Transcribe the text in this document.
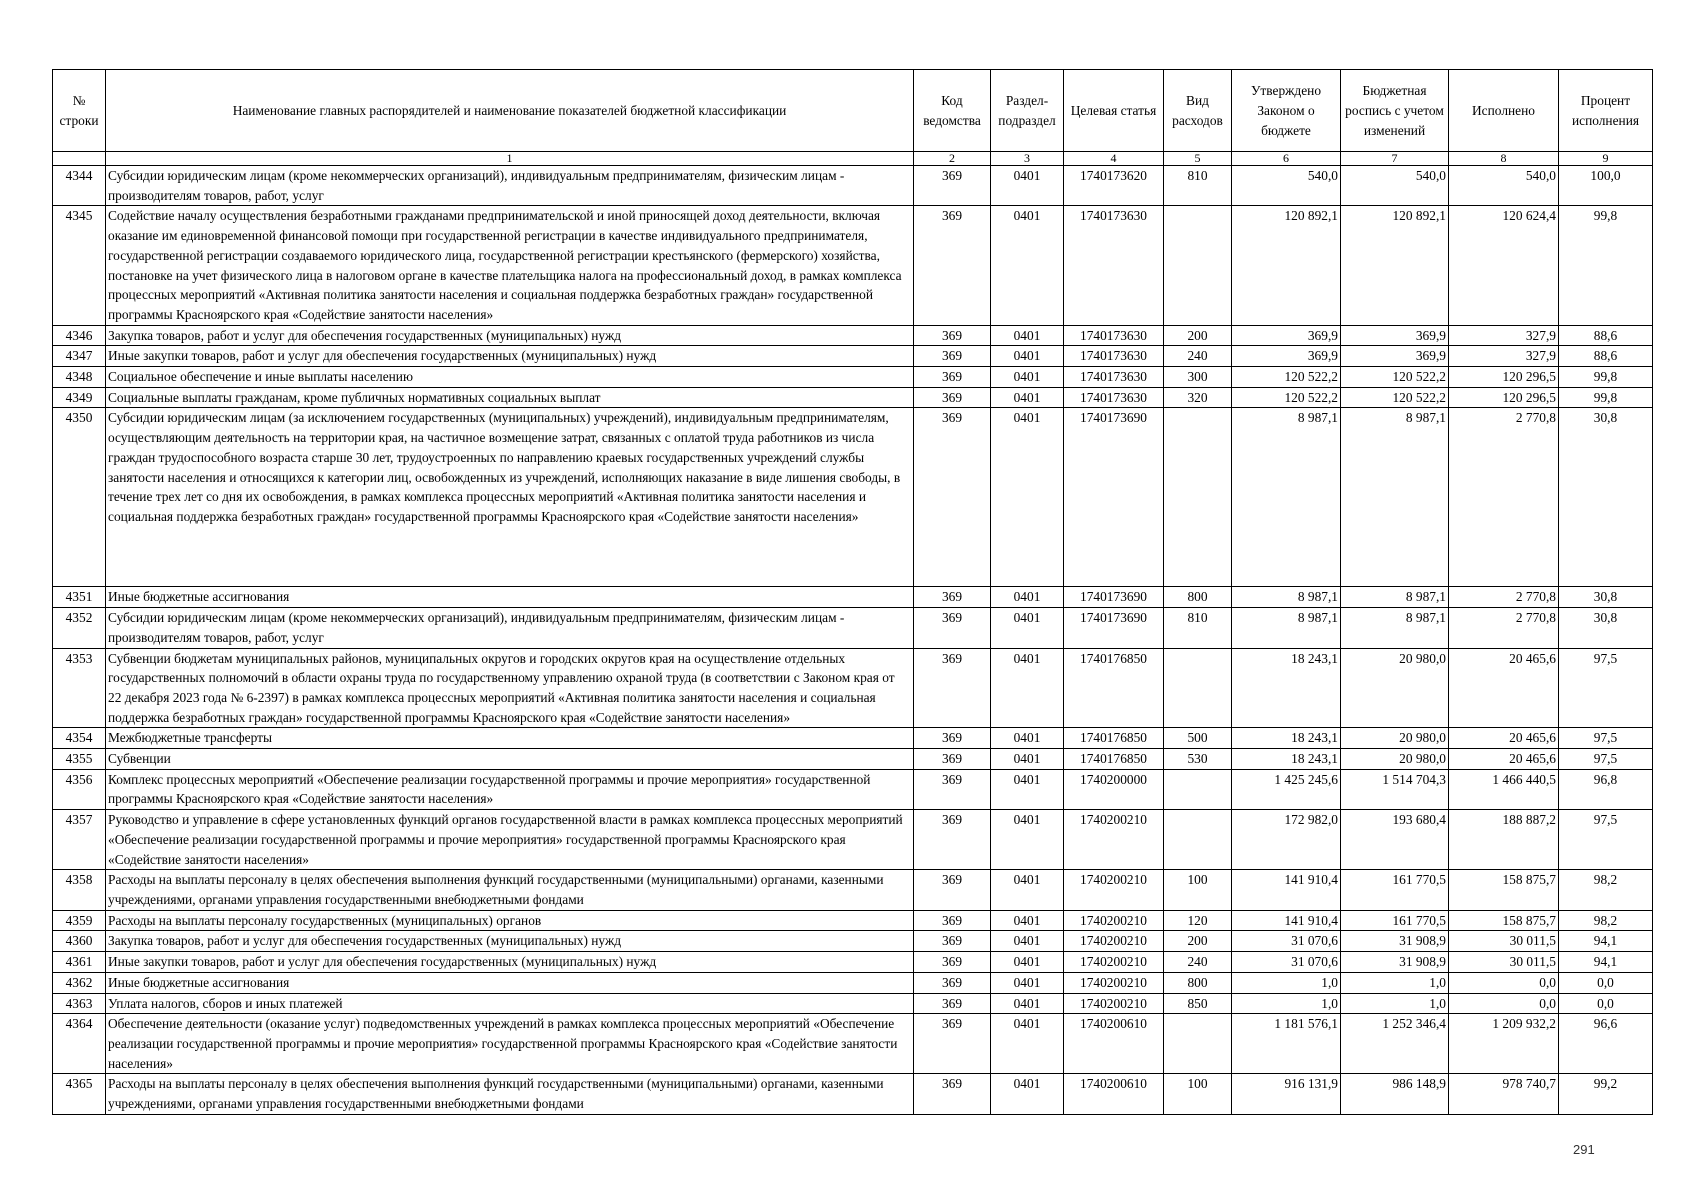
№ строки	Наименование главных распорядителей и наименование показателей бюджетной классификации	Код ведомства	Раздел-подраздел	Целевая статья	Вид расходов	Утверждено Законом о бюджете	Бюджетная роспись с учетом изменений	Исполнено	Процент исполнения
	1	2	3	4	5	6	7	8	9
4344	Субсидии юридическим лицам (кроме некоммерческих организаций), индивидуальным предпринимателям, физическим лицам - производителям товаров, работ, услуг	369	0401	1740173620	810	540,0	540,0	540,0	100,0
4345	Содействие началу осуществления безработными гражданами предпринимательской и иной приносящей доход деятельности, включая оказание им единовременной финансовой помощи при государственной регистрации в качестве индивидуального предпринимателя, государственной регистрации создаваемого юридического лица, государственной регистрации крестьянского (фермерского) хозяйства, постановке на учет физического лица в налоговом органе в качестве плательщика налога на профессиональный доход, в рамках комплекса процессных мероприятий «Активная политика занятости населения и социальная поддержка безработных граждан» государственной программы Красноярского края «Содействие занятости населения»	369	0401	1740173630		120 892,1	120 892,1	120 624,4	99,8
4346	Закупка товаров, работ и услуг для обеспечения государственных (муниципальных) нужд	369	0401	1740173630	200	369,9	369,9	327,9	88,6
4347	Иные закупки товаров, работ и услуг для обеспечения государственных (муниципальных) нужд	369	0401	1740173630	240	369,9	369,9	327,9	88,6
4348	Социальное обеспечение и иные выплаты населению	369	0401	1740173630	300	120 522,2	120 522,2	120 296,5	99,8
4349	Социальные выплаты гражданам, кроме публичных нормативных социальных выплат	369	0401	1740173630	320	120 522,2	120 522,2	120 296,5	99,8
4350	Субсидии юридическим лицам (за исключением государственных (муниципальных) учреждений), индивидуальным предпринимателям, осуществляющим деятельность на территории края, на частичное возмещение затрат, связанных с оплатой труда работников из числа граждан трудоспособного возраста старше 30 лет, трудоустроенных по направлению краевых государственных учреждений службы занятости населения и относящихся к категории лиц, освобожденных из учреждений, исполняющих наказание в виде лишения свободы, в течение трех лет со дня их освобождения, в рамках комплекса процессных мероприятий «Активная политика занятости населения и социальная поддержка безработных граждан» государственной программы Красноярского края «Содействие занятости населения»	369	0401	1740173690		8 987,1	8 987,1	2 770,8	30,8
4351	Иные бюджетные ассигнования	369	0401	1740173690	800	8 987,1	8 987,1	2 770,8	30,8
4352	Субсидии юридическим лицам (кроме некоммерческих организаций), индивидуальным предпринимателям, физическим лицам - производителям товаров, работ, услуг	369	0401	1740173690	810	8 987,1	8 987,1	2 770,8	30,8
4353	Субвенции бюджетам муниципальных районов, муниципальных округов и городских округов края на осуществление отдельных государственных полномочий в области охраны труда по государственному управлению охраной труда (в соответствии с Законом края от 22 декабря 2023 года № 6-2397) в рамках комплекса процессных мероприятий «Активная политика занятости населения и социальная поддержка безработных граждан» государственной программы Красноярского края «Содействие занятости населения»	369	0401	1740176850		18 243,1	20 980,0	20 465,6	97,5
4354	Межбюджетные трансферты	369	0401	1740176850	500	18 243,1	20 980,0	20 465,6	97,5
4355	Субвенции	369	0401	1740176850	530	18 243,1	20 980,0	20 465,6	97,5
4356	Комплекс процессных мероприятий «Обеспечение реализации государственной программы и прочие мероприятия» государственной программы Красноярского края «Содействие занятости населения»	369	0401	1740200000		1 425 245,6	1 514 704,3	1 466 440,5	96,8
4357	Руководство и управление в сфере установленных функций органов государственной власти в рамках комплекса процессных мероприятий «Обеспечение реализации государственной программы и прочие мероприятия» государственной программы Красноярского края «Содействие занятости населения»	369	0401	1740200210		172 982,0	193 680,4	188 887,2	97,5
4358	Расходы на выплаты персоналу в целях обеспечения выполнения функций государственными (муниципальными) органами, казенными учреждениями, органами управления государственными внебюджетными фондами	369	0401	1740200210	100	141 910,4	161 770,5	158 875,7	98,2
4359	Расходы на выплаты персоналу государственных (муниципальных) органов	369	0401	1740200210	120	141 910,4	161 770,5	158 875,7	98,2
4360	Закупка товаров, работ и услуг для обеспечения государственных (муниципальных) нужд	369	0401	1740200210	200	31 070,6	31 908,9	30 011,5	94,1
4361	Иные закупки товаров, работ и услуг для обеспечения государственных (муниципальных) нужд	369	0401	1740200210	240	31 070,6	31 908,9	30 011,5	94,1
4362	Иные бюджетные ассигнования	369	0401	1740200210	800	1,0	1,0	0,0	0,0
4363	Уплата налогов, сборов и иных платежей	369	0401	1740200210	850	1,0	1,0	0,0	0,0
4364	Обеспечение деятельности (оказание услуг) подведомственных учреждений в рамках комплекса процессных мероприятий «Обеспечение реализации государственной программы и прочие мероприятия» государственной программы Красноярского края «Содействие занятости населения»	369	0401	1740200610		1 181 576,1	1 252 346,4	1 209 932,2	96,6
4365	Расходы на выплаты персоналу в целях обеспечения выполнения функций государственными (муниципальными) органами, казенными учреждениями, органами управления государственными внебюджетными фондами	369	0401	1740200610	100	916 131,9	986 148,9	978 740,7	99,2
291
